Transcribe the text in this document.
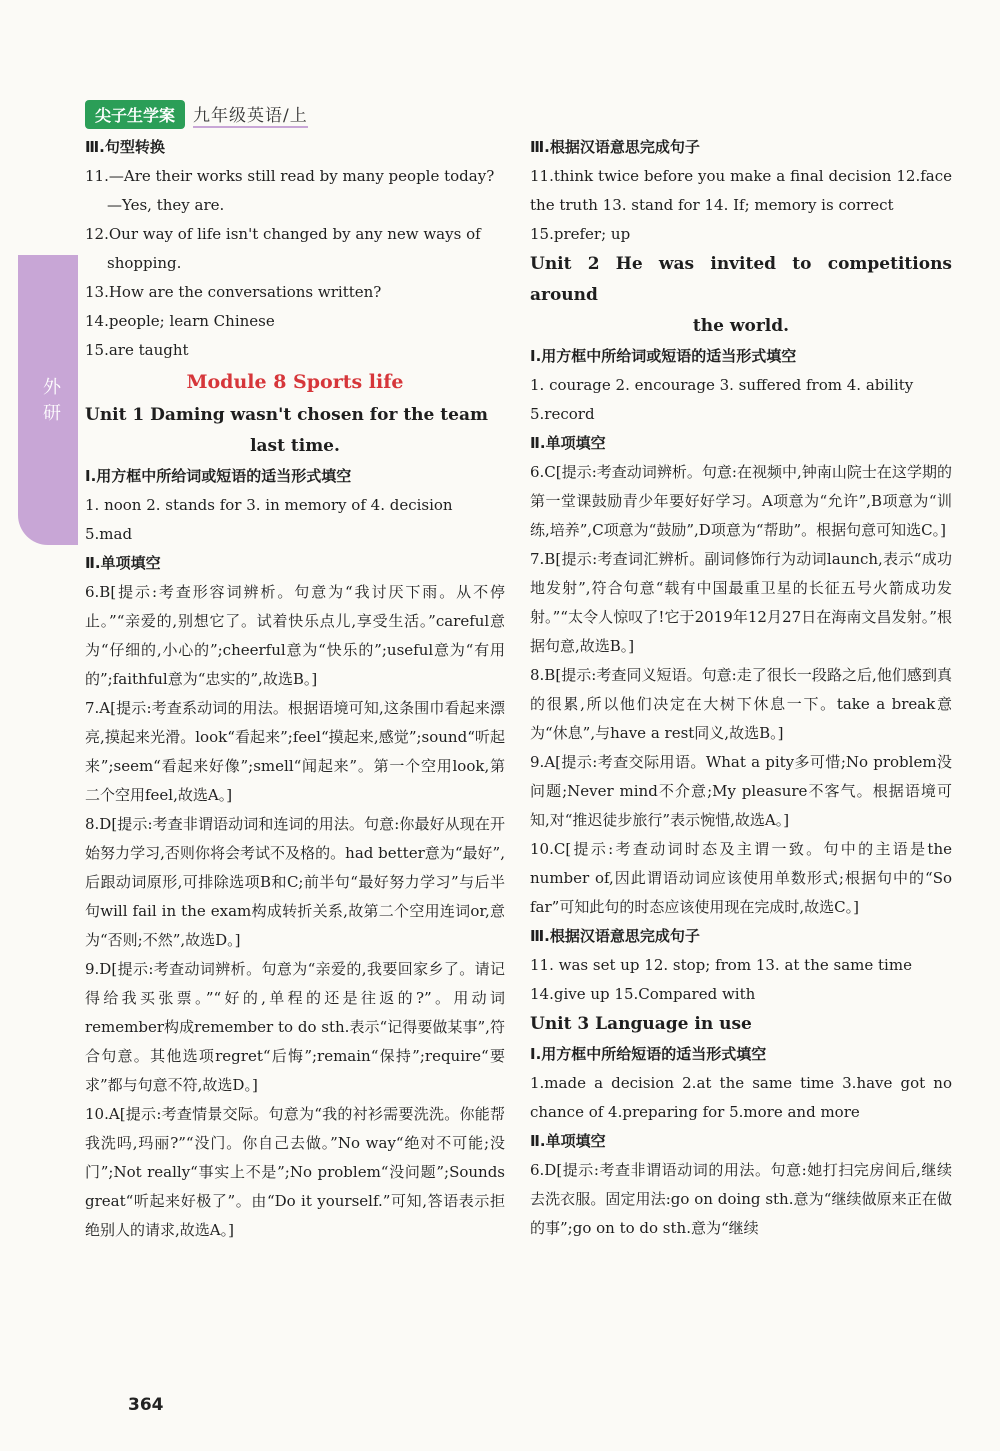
外研
尖子生学案	九年级英语/上

Ⅲ.句型转换

11.—Are their works still read by many people today?

—Yes, they are.

12.Our way of life isn't changed by any new ways of

shopping.

13.How are the conversations written?

14.people; learn Chinese

15.are taught

Module 8 Sports life

Unit 1 Daming wasn't chosen for the team

last time.

Ⅰ.用方框中所给词或短语的适当形式填空

1. noon 2. stands for 3. in memory of 4. decision

5.mad

Ⅱ.单项填空

6.B[提示:考查形容词辨析。句意为“我讨厌下雨。从不停止。”“亲爱的,别想它了。试着快乐点儿,享受生活。”careful意为“仔细的,小心的”;cheerful意为“快乐的”;useful意为“有用的”;faithful意为“忠实的”,故选B。]

7.A[提示:考查系动词的用法。根据语境可知,这条围巾看起来漂亮,摸起来光滑。look“看起来”;feel“摸起来,感觉”;sound“听起来”;seem“看起来好像”;smell“闻起来”。第一个空用look,第二个空用feel,故选A。]

8.D[提示:考查非谓语动词和连词的用法。句意:你最好从现在开始努力学习,否则你将会考试不及格的。had better意为“最好”,后跟动词原形,可排除选项B和C;前半句“最好努力学习”与后半句will fail in the exam构成转折关系,故第二个空用连词or,意为“否则;不然”,故选D。]

9.D[提示:考查动词辨析。句意为“亲爱的,我要回家乡了。请记得给我买张票。”“好的,单程的还是往返的?”。用动词remember构成remember to do sth.表示“记得要做某事”,符合句意。其他选项regret“后悔”;remain“保持”;require“要求”都与句意不符,故选D。]

10.A[提示:考查情景交际。句意为“我的衬衫需要洗洗。你能帮我洗吗,玛丽?”“没门。你自己去做。”No way“绝对不可能;没门”;Not really“事实上不是”;No problem“没问题”;Sounds great“听起来好极了”。由“Do it yourself.”可知,答语表示拒绝别人的请求,故选A。]

Ⅲ.根据汉语意思完成句子

11.think twice before you make a final decision 12.face the truth 13. stand for 14. If; memory is correct

15.prefer; up

Unit 2 He was invited to competitions around

the world.

Ⅰ.用方框中所给词或短语的适当形式填空

1. courage 2. encourage 3. suffered from 4. ability

5.record

Ⅱ.单项填空

6.C[提示:考查动词辨析。句意:在视频中,钟南山院士在这学期的第一堂课鼓励青少年要好好学习。A项意为“允许”,B项意为“训练,培养”,C项意为“鼓励”,D项意为“帮助”。根据句意可知选C。]

7.B[提示:考查词汇辨析。副词修饰行为动词launch,表示“成功地发射”,符合句意“载有中国最重卫星的长征五号火箭成功发射。”“太令人惊叹了!它于2019年12月27日在海南文昌发射。”根据句意,故选B。]

8.B[提示:考查同义短语。句意:走了很长一段路之后,他们感到真的很累,所以他们决定在大树下休息一下。take a break意为“休息”,与have a rest同义,故选B。]

9.A[提示:考查交际用语。What a pity多可惜;No problem没问题;Never mind不介意;My pleasure不客气。根据语境可知,对“推迟徒步旅行”表示惋惜,故选A。]

10.C[提示:考查动词时态及主谓一致。句中的主语是the number of,因此谓语动词应该使用单数形式;根据句中的“So far”可知此句的时态应该使用现在完成时,故选C。]

Ⅲ.根据汉语意思完成句子

11. was set up 12. stop; from 13. at the same time

14.give up 15.Compared with

Unit 3 Language in use

Ⅰ.用方框中所给短语的适当形式填空

1.made a decision 2.at the same time 3.have got no chance of 4.preparing for 5.more and more

Ⅱ.单项填空

6.D[提示:考查非谓语动词的用法。句意:她打扫完房间后,继续去洗衣服。固定用法:go on doing sth.意为“继续做原来正在做的事”;go on to do sth.意为“继续

364
